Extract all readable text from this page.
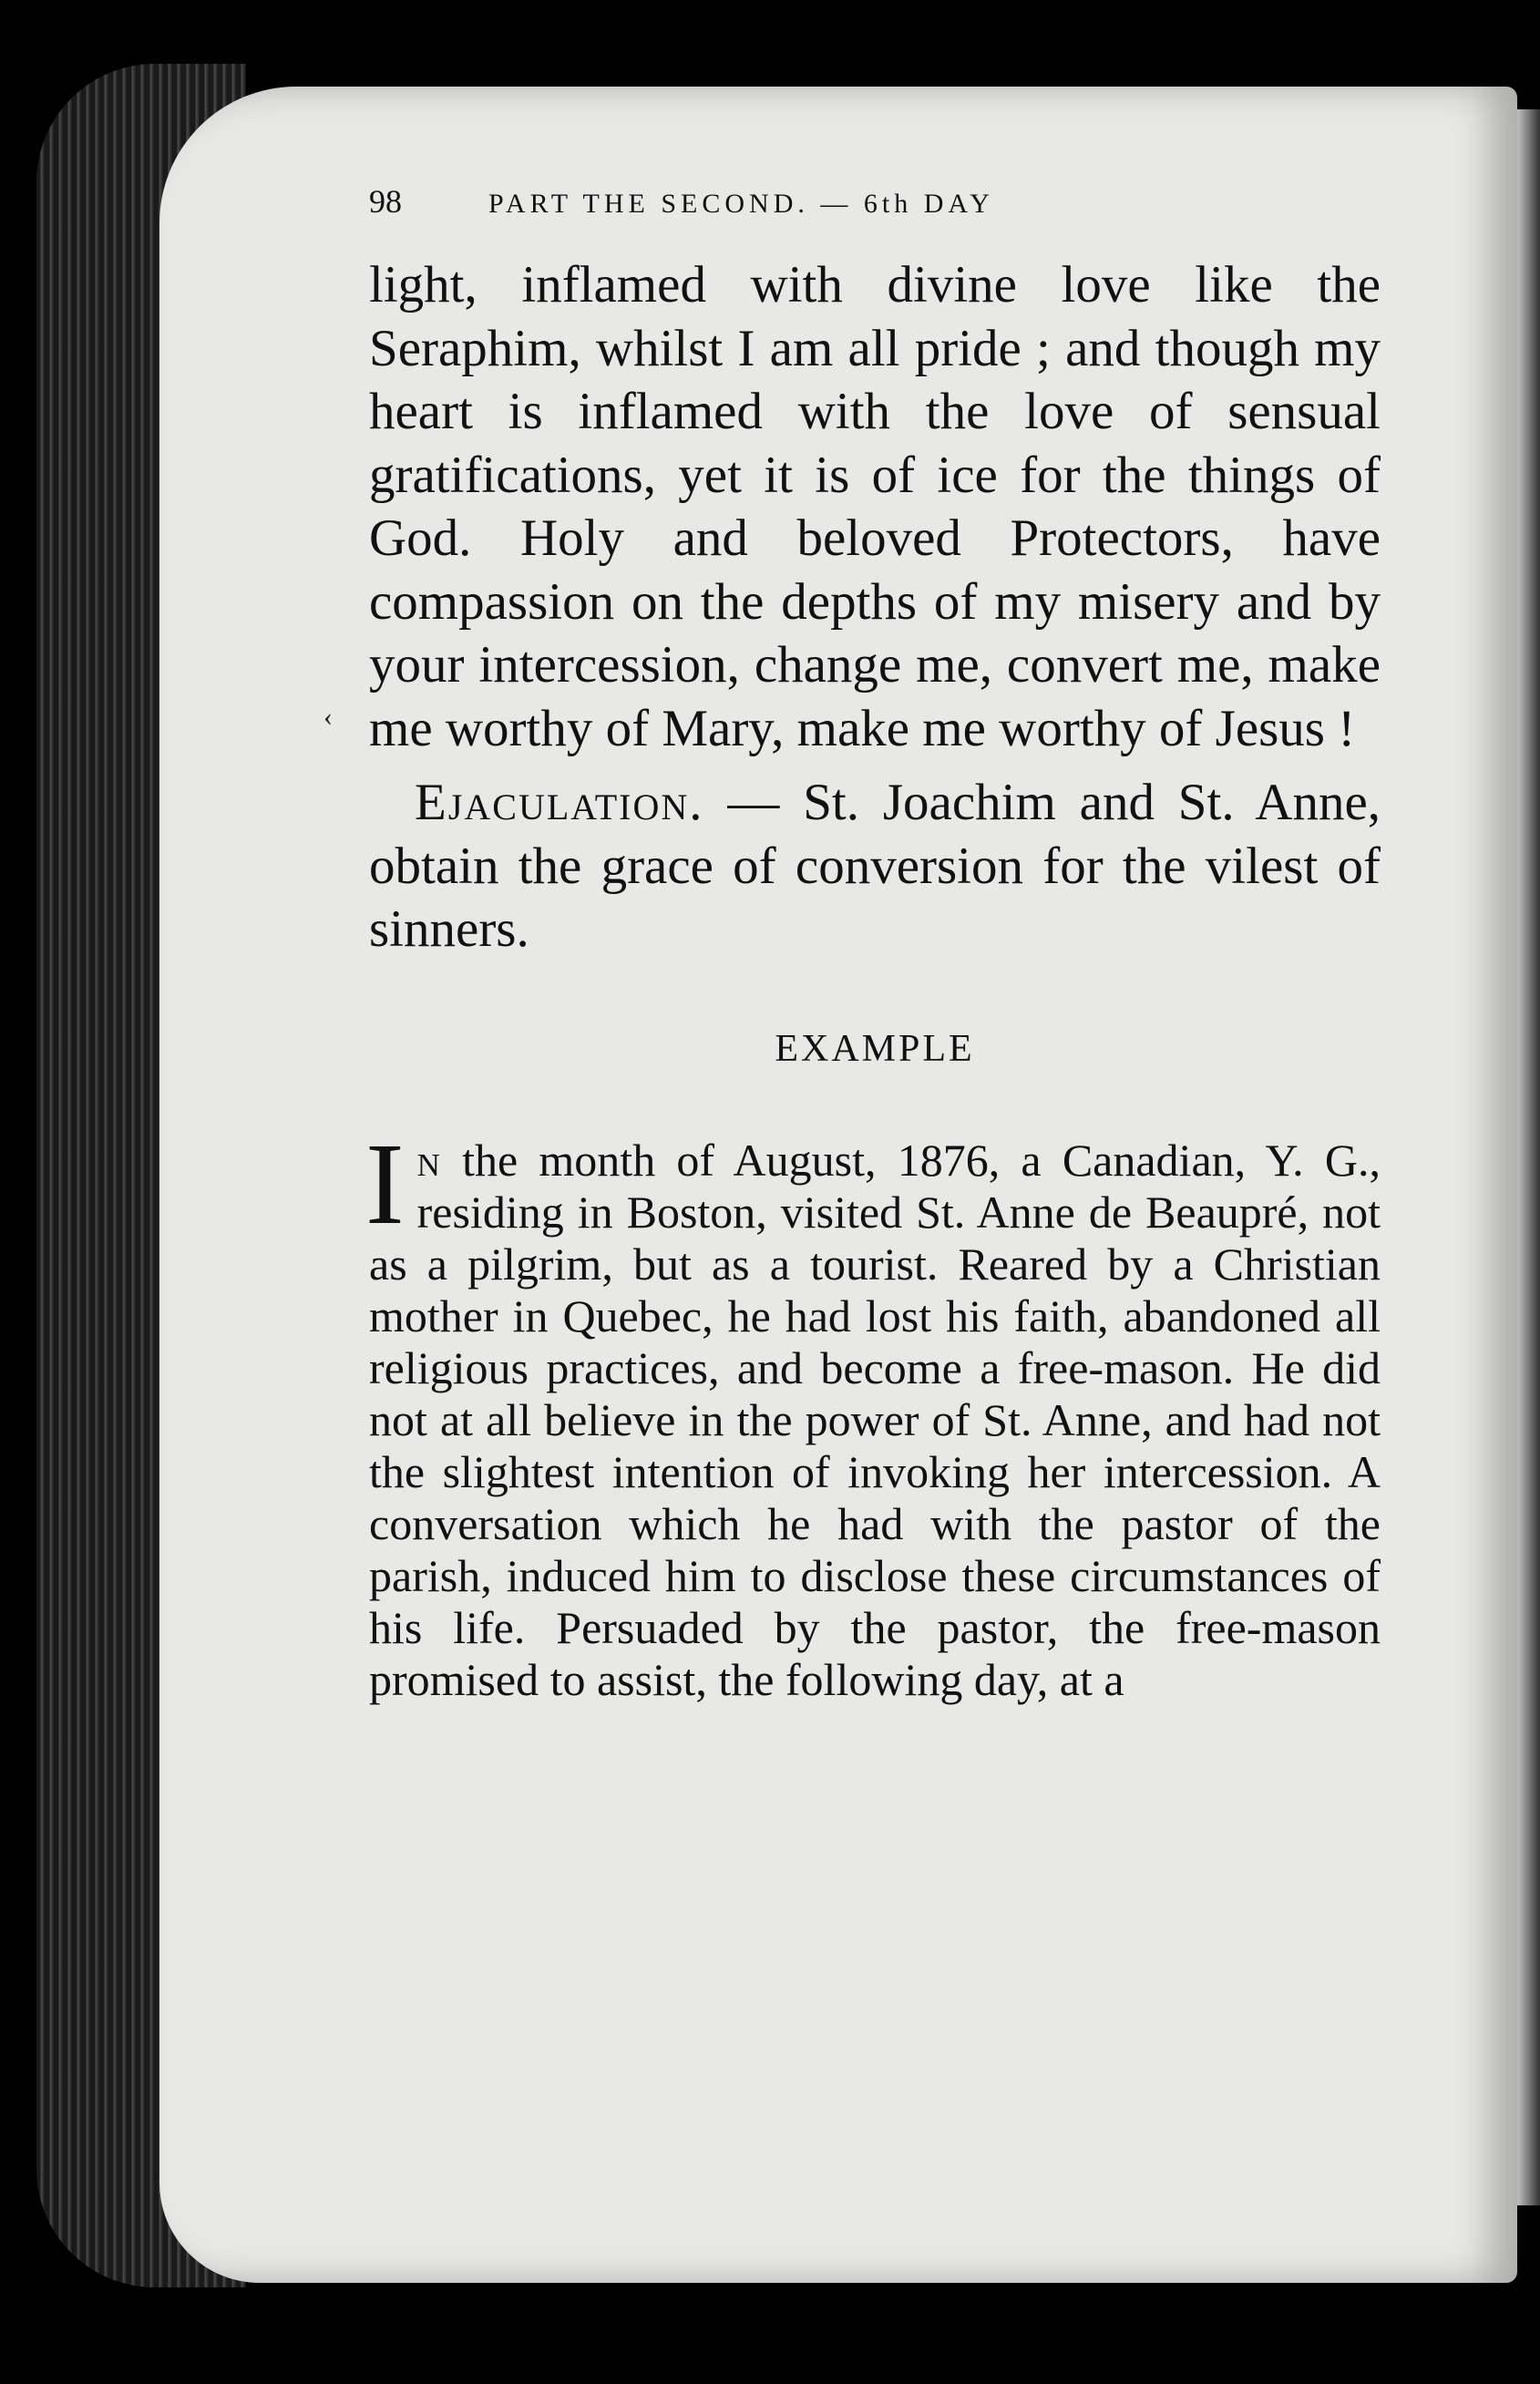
‹
98	PART THE SECOND. — 6th DAY

light, inflamed with divine love like the Seraphim, whilst I am all pride ; and though my heart is inflamed with the love of sensual gratifications, yet it is of ice for the things of God. Holy and beloved Protectors, have compassion on the depths of my misery and by your intercession, change me, convert me, make me worthy of Mary, make me worthy of Jesus !

Ejaculation. — St. Joachim and St. Anne, obtain the grace of conversion for the vilest of sinners.

EXAMPLE

In the month of August, 1876, a Canadian, Y. G., residing in Boston, visited St. Anne de Beaupré, not as a pilgrim, but as a tourist. Reared by a Christian mother in Quebec, he had lost his faith, abandoned all religious practices, and become a free-mason. He did not at all believe in the power of St. Anne, and had not the slightest intention of invoking her intercession. A conversation which he had with the pastor of the parish, induced him to disclose these circumstances of his life. Persuaded by the pastor, the free-mason promised to assist, the following day, at a
